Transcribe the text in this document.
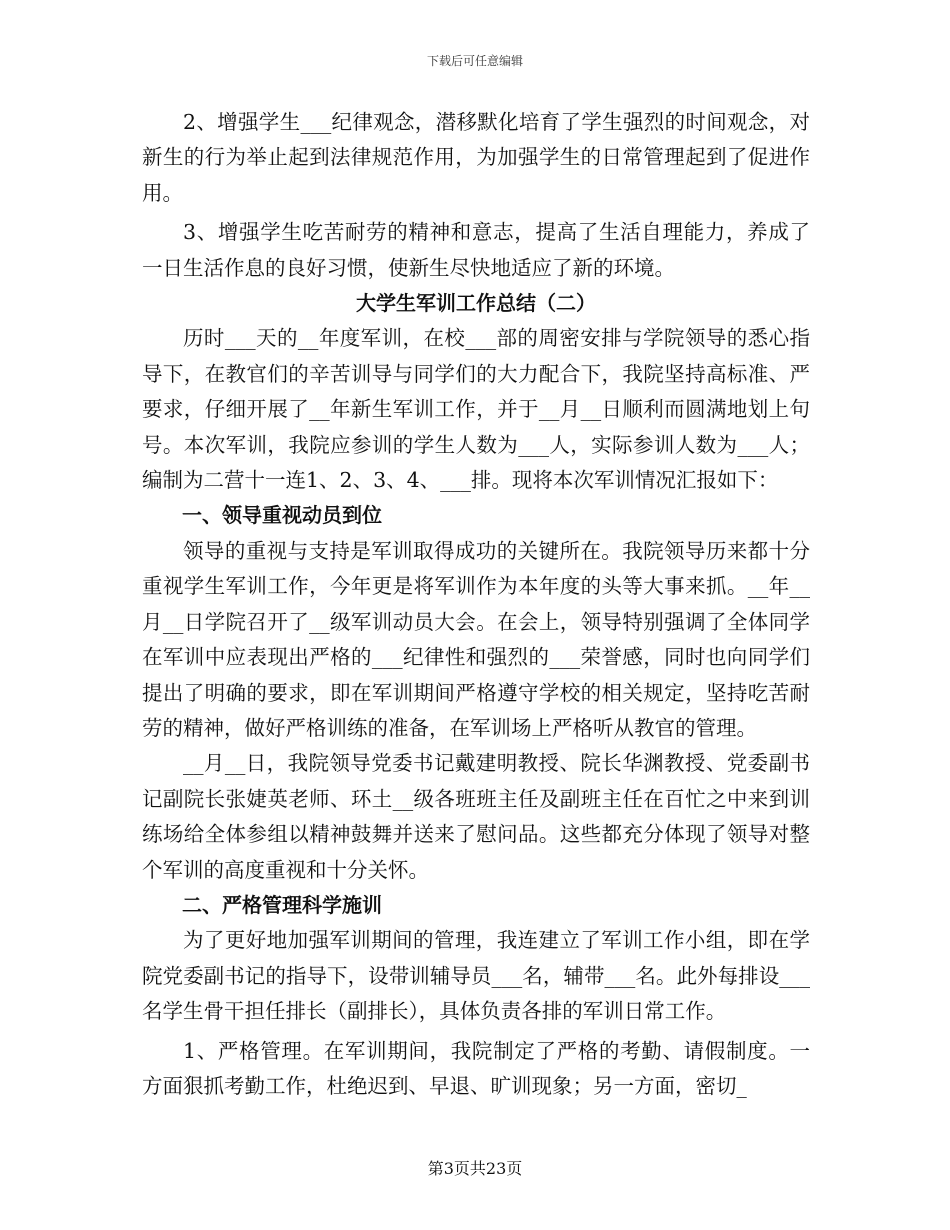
下载后可任意编辑

2、增强学生___纪律观念，潜移默化培育了学生强烈的时间观念，对新生的行为举止起到法律规范作用，为加强学生的日常管理起到了促进作用。

3、增强学生吃苦耐劳的精神和意志，提高了生活自理能力，养成了一日生活作息的良好习惯，使新生尽快地适应了新的环境。

大学生军训工作总结（二）

历时___天的__年度军训，在校___部的周密安排与学院领导的悉心指导下，在教官们的辛苦训导与同学们的大力配合下，我院坚持高标准、严要求，仔细开展了__年新生军训工作，并于__月__日顺利而圆满地划上句号。本次军训，我院应参训的学生人数为___人，实际参训人数为___人；编制为二营十一连1、2、3、4、___排。现将本次军训情况汇报如下：

一、领导重视动员到位

领导的重视与支持是军训取得成功的关键所在。我院领导历来都十分重视学生军训工作，今年更是将军训作为本年度的头等大事来抓。__年__月__日学院召开了__级军训动员大会。在会上，领导特别强调了全体同学在军训中应表现出严格的___纪律性和强烈的___荣誉感，同时也向同学们提出了明确的要求，即在军训期间严格遵守学校的相关规定，坚持吃苦耐劳的精神，做好严格训练的准备，在军训场上严格听从教官的管理。

__月__日，我院领导党委书记戴建明教授、院长华渊教授、党委副书记副院长张婕英老师、环土__级各班班主任及副班主任在百忙之中来到训练场给全体参组以精神鼓舞并送来了慰问品。这些都充分体现了领导对整个军训的高度重视和十分关怀。

二、严格管理科学施训

为了更好地加强军训期间的管理，我连建立了军训工作小组，即在学院党委副书记的指导下，设带训辅导员___名，辅带___名。此外每排设___名学生骨干担任排长（副排长），具体负责各排的军训日常工作。

1、严格管理。在军训期间，我院制定了严格的考勤、请假制度。一方面狠抓考勤工作，杜绝迟到、早退、旷训现象；另一方面，密切_

第3页共23页
